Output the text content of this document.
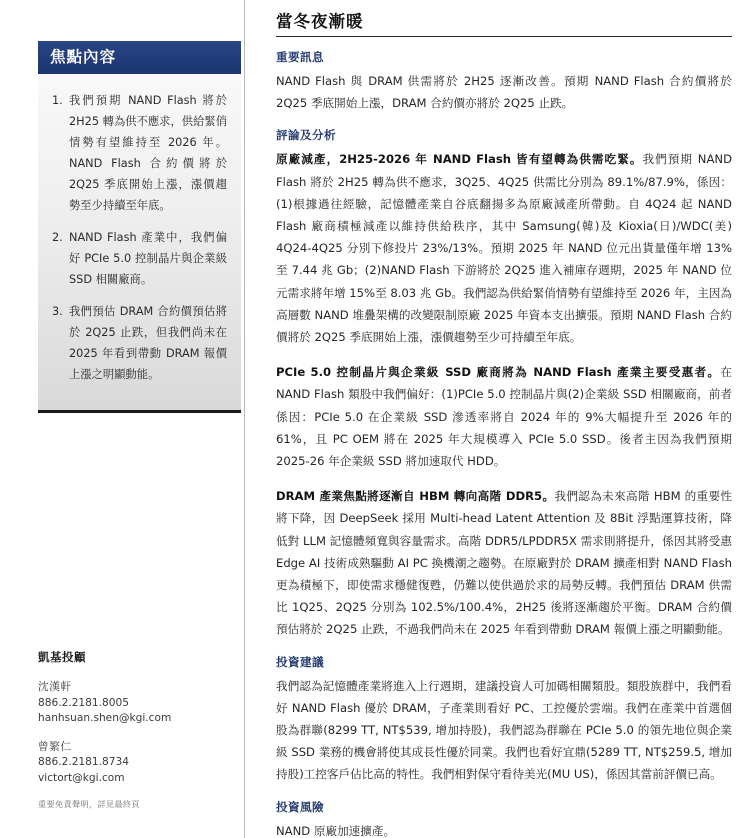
焦點內容
1. 我們預期 NAND Flash 將於 2H25 轉為供不應求，供給緊俏情勢有望維持至 2026 年。NAND Flash 合約價將於 2Q25 季底開始上漲，漲價趨勢至少持續至年底。
2. NAND Flash 產業中，我們偏好 PCIe 5.0 控制晶片與企業級 SSD 相關廠商。
3. 我們預估 DRAM 合約價預估將於 2Q25 止跌，但我們尚未在 2025 年看到帶動 DRAM 報價上漲之明顯動能。
凱基投顧
沈漢軒
886.2.2181.8005
hanhsuan.shen@kgi.com
曾繁仁
886.2.2181.8734
victort@kgi.com
重要免責聲明，詳見最終頁
當冬夜漸暖
重要訊息

NAND Flash 與 DRAM 供需將於 2H25 逐漸改善。預期 NAND Flash 合約價將於 2Q25 季底開始上漲，DRAM 合約價亦將於 2Q25 止跌。

評論及分析

原廠減產，2H25-2026 年 NAND Flash 皆有望轉為供需吃緊。我們預期 NAND Flash 將於 2H25 轉為供不應求，3Q25、4Q25 供需比分別為 89.1%/87.9%，係因：(1)根據過往經驗，記憶體產業自谷底翻揚多為原廠減產所帶動。自 4Q24 起 NAND Flash 廠商積極減產以維持供給秩序，其中 Samsung(韓)及 Kioxia(日)/WDC(美) 4Q24-4Q25 分別下修投片 23%/13%。預期 2025 年 NAND 位元出貨量僅年增 13%至 7.44 兆 Gb；(2)NAND Flash 下游將於 2Q25 進入補庫存週期，2025 年 NAND 位元需求將年增 15%至 8.03 兆 Gb。我們認為供給緊俏情勢有望維持至 2026 年，主因為高層數 NAND 堆疊架構的改變限制原廠 2025 年資本支出擴張。預期 NAND Flash 合約價將於 2Q25 季底開始上漲，漲價趨勢至少可持續至年底。

PCIe 5.0 控制晶片與企業級 SSD 廠商將為 NAND Flash 產業主要受惠者。在 NAND Flash 類股中我們偏好：(1)PCIe 5.0 控制晶片與(2)企業級 SSD 相關廠商，前者係因：PCIe 5.0 在企業級 SSD 滲透率將自 2024 年的 9%大幅提升至 2026 年的 61%，且 PC OEM 將在 2025 年大規模導入 PCIe 5.0 SSD。後者主因為我們預期 2025-26 年企業級 SSD 將加速取代 HDD。

DRAM 產業焦點將逐漸自 HBM 轉向高階 DDR5。我們認為未來高階 HBM 的重要性將下降，因 DeepSeek 採用 Multi-head Latent Attention 及 8Bit 浮點運算技術，降低對 LLM 記憶體頻寬與容量需求。高階 DDR5/LPDDR5X 需求則將提升，係因其將受惠 Edge AI 技術成熟驅動 AI PC 換機潮之趨勢。在原廠對於 DRAM 擴產相對 NAND Flash 更為積極下，即使需求穩健復甦，仍難以使供過於求的局勢反轉。我們預估 DRAM 供需比 1Q25、2Q25 分別為 102.5%/100.4%，2H25 後將逐漸趨於平衡。DRAM 合約價預估將於 2Q25 止跌，不過我們尚未在 2025 年看到帶動 DRAM 報價上漲之明顯動能。

投資建議

我們認為記憶體產業將進入上行週期，建議投資人可加碼相關類股。類股族群中，我們看好 NAND Flash 優於 DRAM，子產業則看好 PC、工控優於雲端。我們在產業中首選個股為群聯(8299 TT, NT$539, 增加持股)，我們認為群聯在 PCIe 5.0 的領先地位與企業級 SSD 業務的機會將使其成長性優於同業。我們也看好宜鼎(5289 TT, NT$259.5, 增加持股)工控客戶佔比高的特性。我們相對保守看待美光(MU US)，係因其當前評價已高。

投資風險

NAND 原廠加速擴產。
